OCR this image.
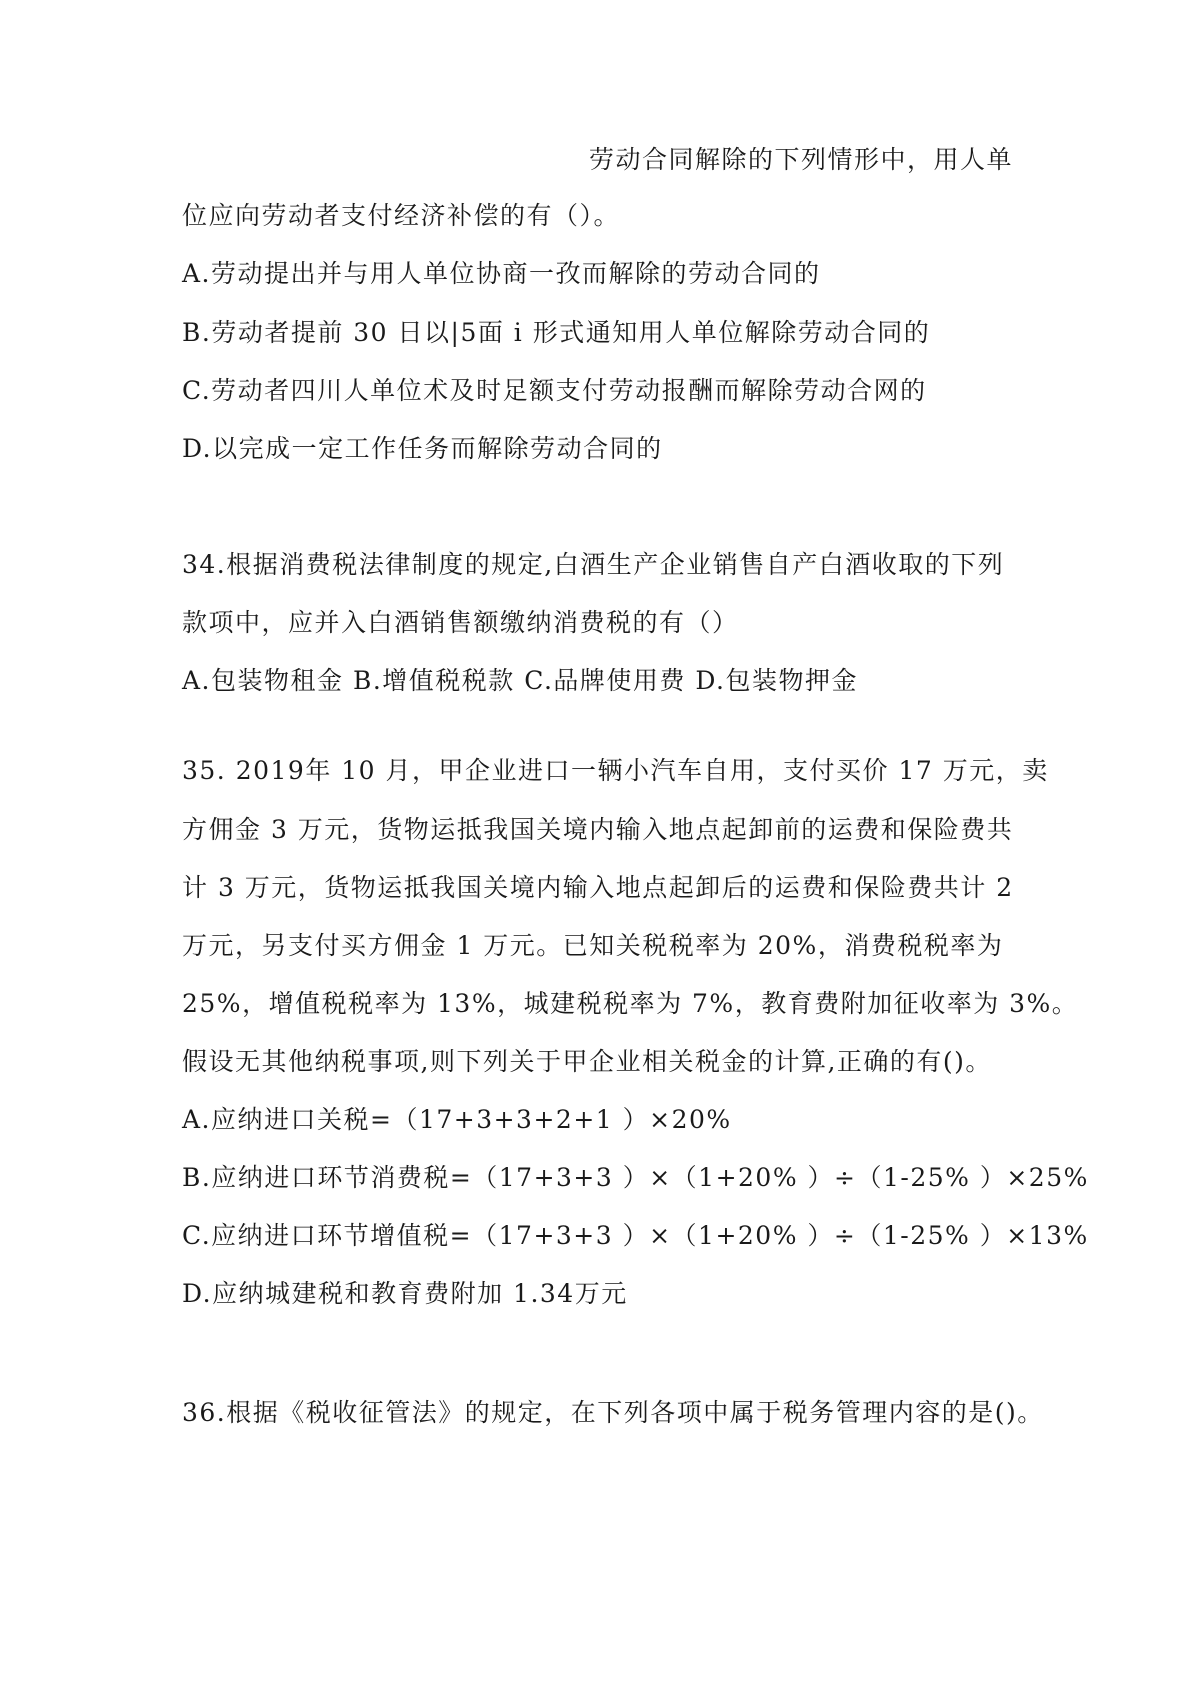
劳动合同解除的下列情形中，用人单
位应向劳动者支付经济补偿的有（）。
A.劳动提出并与用人单位协商一孜而解除的劳动合同的
B.劳动者提前 30 日以|5面 i 形式通知用人单位解除劳动合同的
C.劳动者四川人单位术及时足额支付劳动报酬而解除劳动合网的
D.以完成一定工作任务而解除劳动合同的
34.根据消费税法律制度的规定,白酒生产企业销售自产白酒收取的下列
款项中，应并入白酒销售额缴纳消费税的有（）
A.包装物租金 B.增值税税款 C.品牌使用费 D.包装物押金
35. 2019年 10 月，甲企业进口一辆小汽车自用，支付买价 17 万元，卖
方佣金 3 万元，货物运抵我国关境内输入地点起卸前的运费和保险费共
计 3 万元，货物运抵我国关境内输入地点起卸后的运费和保险费共计 2
万元，另支付买方佣金 1 万元。已知关税税率为 20%，消费税税率为
25%，增值税税率为 13%，城建税税率为 7%，教育费附加征收率为 3%。
假设无其他纳税事项,则下列关于甲企业相关税金的计算,正确的有()。
A.应纳进口关税=（17+3+3+2+1 ）×20%
B.应纳进口环节消费税=（17+3+3 ）×（1+20% ）÷（1-25% ）×25%
C.应纳进口环节增值税=（17+3+3 ）×（1+20% ）÷（1-25% ）×13%
D.应纳城建税和教育费附加 1.34万元
36.根据《税收征管法》的规定，在下列各项中属于税务管理内容的是()。
